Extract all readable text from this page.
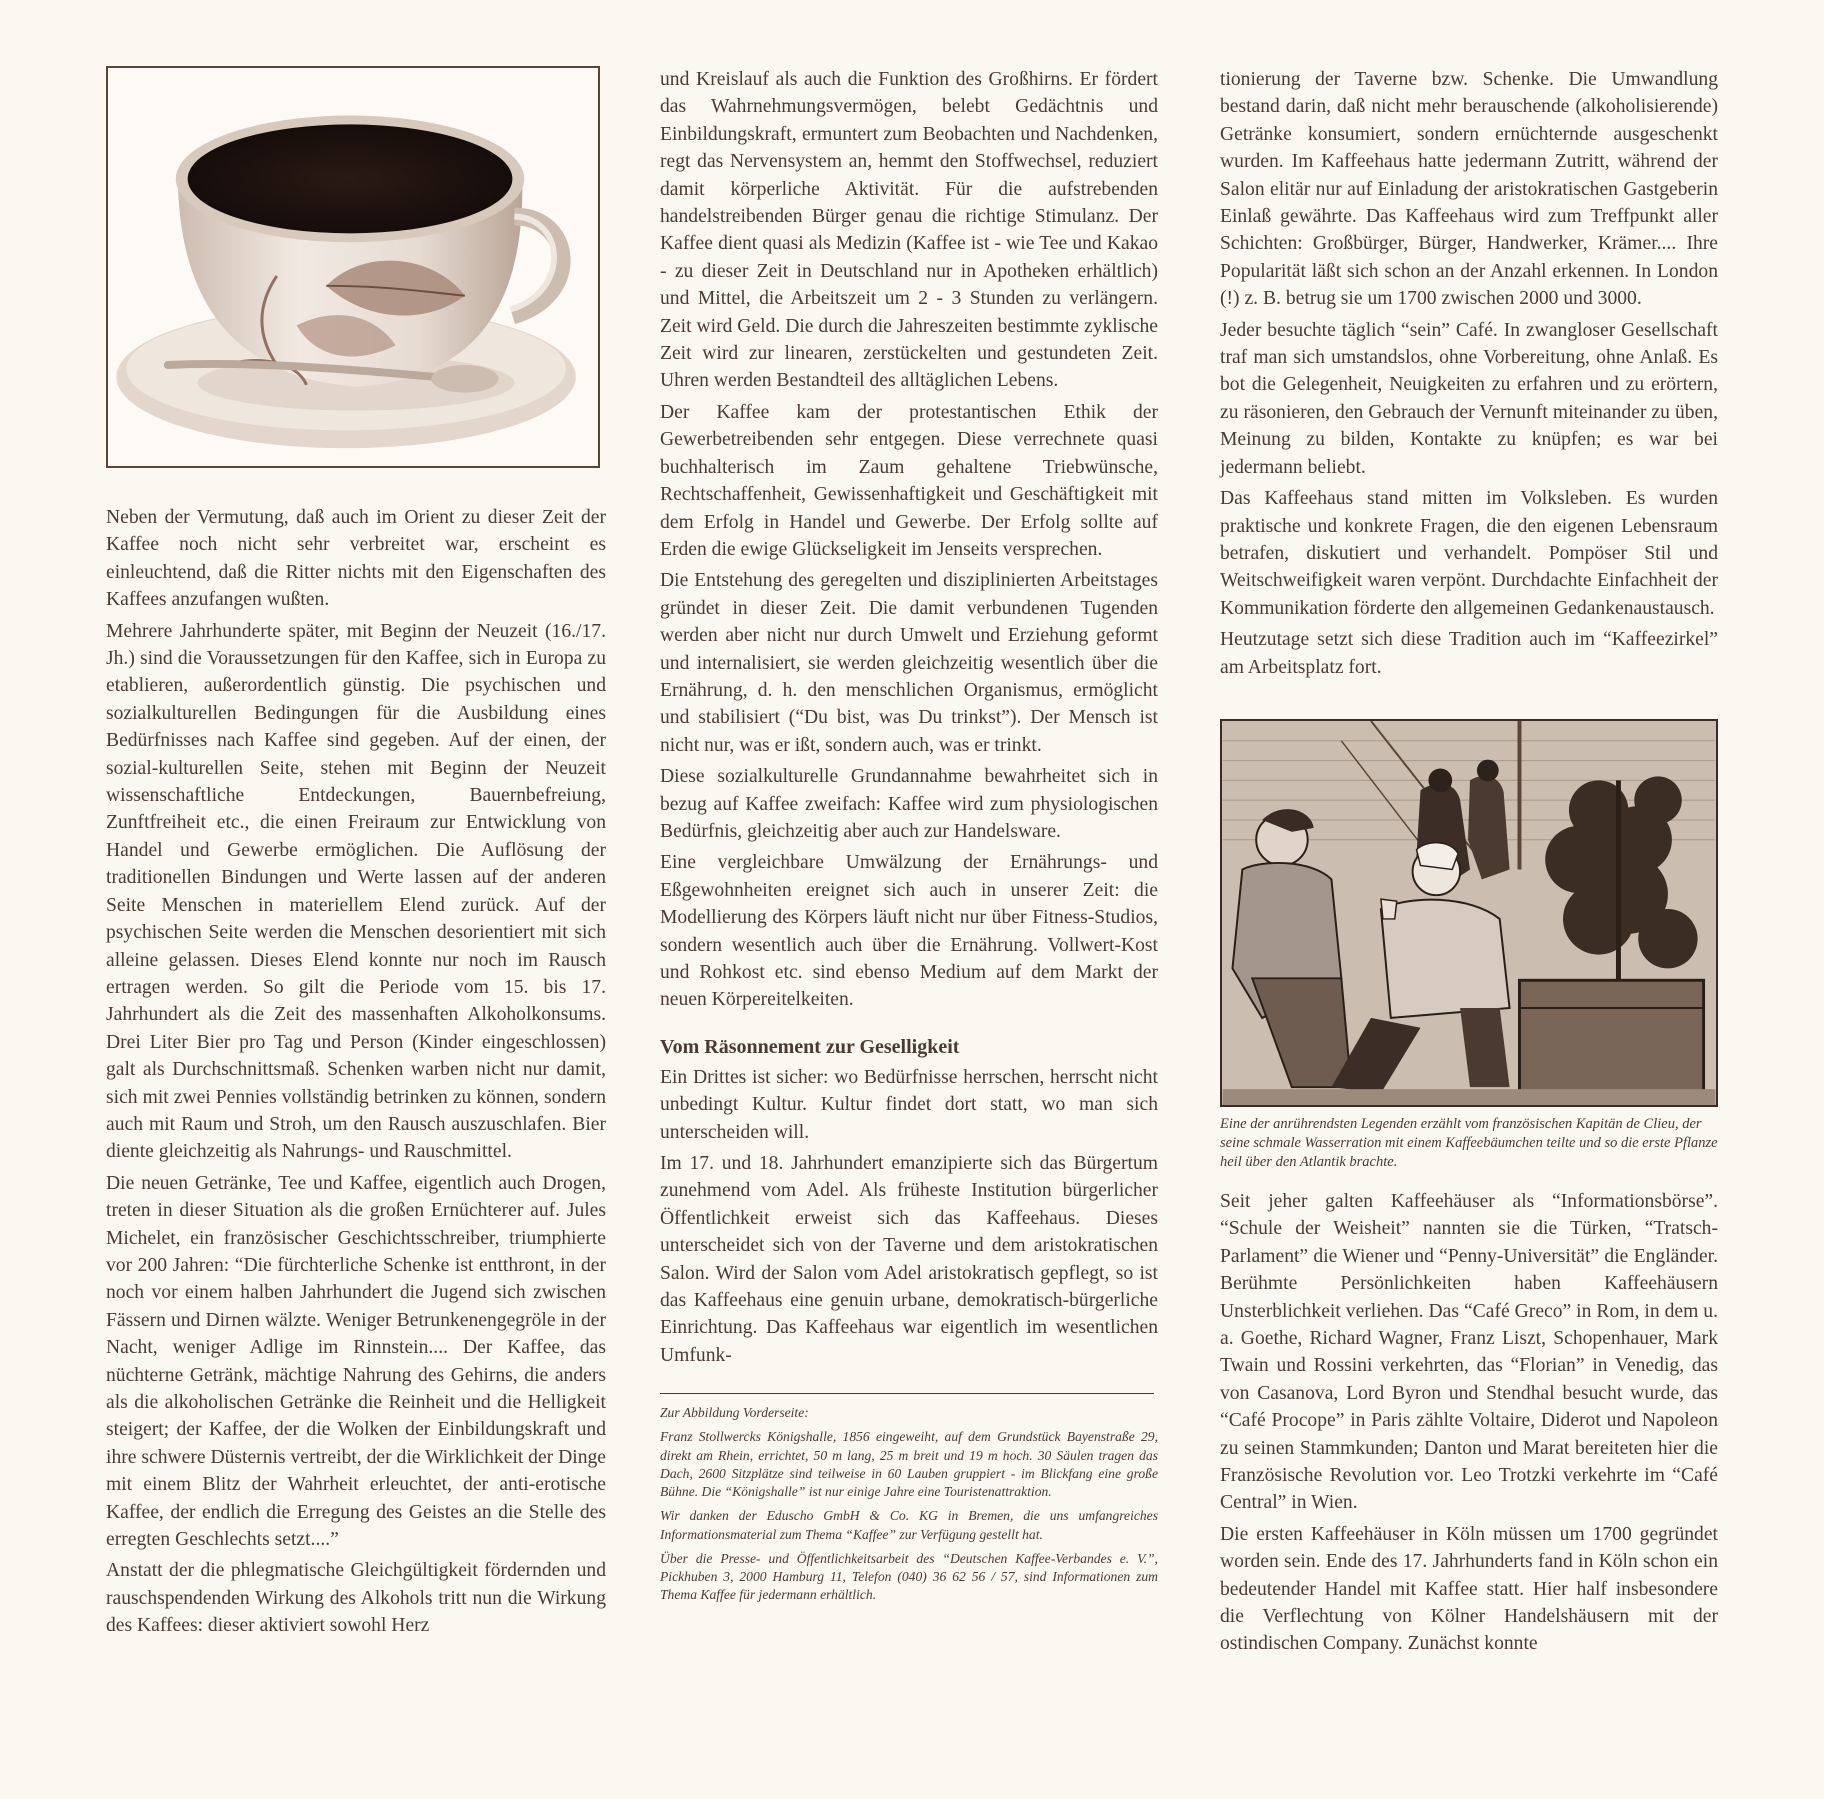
Neben der Vermutung, daß auch im Orient zu dieser Zeit der Kaffee noch nicht sehr verbreitet war, erscheint es einleuchtend, daß die Ritter nichts mit den Eigenschaften des Kaffees anzufangen wußten.

Mehrere Jahrhunderte später, mit Beginn der Neuzeit (16./17. Jh.) sind die Voraussetzungen für den Kaffee, sich in Europa zu etablieren, außerordentlich günstig. Die psychischen und sozialkulturellen Bedingungen für die Ausbildung eines Bedürfnisses nach Kaffee sind gegeben. Auf der einen, der sozial-kulturellen Seite, stehen mit Beginn der Neuzeit wissenschaftliche Entdeckungen, Bauernbefreiung, Zunftfreiheit etc., die einen Freiraum zur Entwicklung von Handel und Gewerbe ermöglichen. Die Auflösung der traditionellen Bindungen und Werte lassen auf der anderen Seite Menschen in materiellem Elend zurück. Auf der psychischen Seite werden die Menschen desorientiert mit sich alleine gelassen. Dieses Elend konnte nur noch im Rausch ertragen werden. So gilt die Periode vom 15. bis 17. Jahrhundert als die Zeit des massenhaften Alkoholkonsums. Drei Liter Bier pro Tag und Person (Kinder eingeschlossen) galt als Durchschnittsmaß. Schenken warben nicht nur damit, sich mit zwei Pennies vollständig betrinken zu können, sondern auch mit Raum und Stroh, um den Rausch auszuschlafen. Bier diente gleichzeitig als Nahrungs- und Rauschmittel.

Die neuen Getränke, Tee und Kaffee, eigentlich auch Drogen, treten in dieser Situation als die großen Ernüchterer auf. Jules Michelet, ein französischer Geschichtsschreiber, triumphierte vor 200 Jahren: “Die fürchterliche Schenke ist entthront, in der noch vor einem halben Jahrhundert die Jugend sich zwischen Fässern und Dirnen wälzte. Weniger Betrunkenengegröle in der Nacht, weniger Adlige im Rinnstein.... Der Kaffee, das nüchterne Getränk, mächtige Nahrung des Gehirns, die anders als die alkoholischen Getränke die Reinheit und die Helligkeit steigert; der Kaffee, der die Wolken der Einbildungskraft und ihre schwere Düsternis vertreibt, der die Wirklichkeit der Dinge mit einem Blitz der Wahrheit erleuchtet, der anti-erotische Kaffee, der endlich die Erregung des Geistes an die Stelle des erregten Geschlechts setzt....”

Anstatt der die phlegmatische Gleichgültigkeit fördernden und rauschspendenden Wirkung des Alkohols tritt nun die Wirkung des Kaffees: dieser aktiviert sowohl Herz

und Kreislauf als auch die Funktion des Großhirns. Er fördert das Wahrnehmungsvermögen, belebt Gedächtnis und Einbildungskraft, ermuntert zum Beobachten und Nachdenken, regt das Nervensystem an, hemmt den Stoffwechsel, reduziert damit körperliche Aktivität. Für die aufstrebenden handelstreibenden Bürger genau die richtige Stimulanz. Der Kaffee dient quasi als Medizin (Kaffee ist - wie Tee und Kakao - zu dieser Zeit in Deutschland nur in Apotheken erhältlich) und Mittel, die Arbeitszeit um 2 - 3 Stunden zu verlängern. Zeit wird Geld. Die durch die Jahreszeiten bestimmte zyklische Zeit wird zur linearen, zerstückelten und gestundeten Zeit. Uhren werden Bestandteil des alltäglichen Lebens.

Der Kaffee kam der protestantischen Ethik der Gewerbetreibenden sehr entgegen. Diese verrechnete quasi buchhalterisch im Zaum gehaltene Triebwünsche, Rechtschaffenheit, Gewissenhaftigkeit und Geschäftigkeit mit dem Erfolg in Handel und Gewerbe. Der Erfolg sollte auf Erden die ewige Glückseligkeit im Jenseits versprechen.

Die Entstehung des geregelten und disziplinierten Arbeitstages gründet in dieser Zeit. Die damit verbundenen Tugenden werden aber nicht nur durch Umwelt und Erziehung geformt und internalisiert, sie werden gleichzeitig wesentlich über die Ernährung, d. h. den menschlichen Organismus, ermöglicht und stabilisiert (“Du bist, was Du trinkst”). Der Mensch ist nicht nur, was er ißt, sondern auch, was er trinkt.

Diese sozialkulturelle Grundannahme bewahrheitet sich in bezug auf Kaffee zweifach: Kaffee wird zum physiologischen Bedürfnis, gleichzeitig aber auch zur Handelsware.

Eine vergleichbare Umwälzung der Ernährungs- und Eßgewohnheiten ereignet sich auch in unserer Zeit: die Modellierung des Körpers läuft nicht nur über Fitness-Studios, sondern wesentlich auch über die Ernährung. Vollwert-Kost und Rohkost etc. sind ebenso Medium auf dem Markt der neuen Körpereitelkeiten.

Vom Räsonnement zur Geselligkeit

Ein Drittes ist sicher: wo Bedürfnisse herrschen, herrscht nicht unbedingt Kultur. Kultur findet dort statt, wo man sich unterscheiden will.

Im 17. und 18. Jahrhundert emanzipierte sich das Bürgertum zunehmend vom Adel. Als früheste Institution bürgerlicher Öffentlichkeit erweist sich das Kaffeehaus. Dieses unterscheidet sich von der Taverne und dem aristokratischen Salon. Wird der Salon vom Adel aristokratisch gepflegt, so ist das Kaffeehaus eine genuin urbane, demokratisch-bürgerliche Einrichtung. Das Kaffeehaus war eigentlich im wesentlichen Umfunk-

Zur Abbildung Vorderseite:

Franz Stollwercks Königshalle, 1856 eingeweiht, auf dem Grundstück Bayenstraße 29, direkt am Rhein, errichtet, 50 m lang, 25 m breit und 19 m hoch. 30 Säulen tragen das Dach, 2600 Sitzplätze sind teilweise in 60 Lauben gruppiert - im Blickfang eine große Bühne. Die “Königshalle” ist nur einige Jahre eine Touristenattraktion.

Wir danken der Eduscho GmbH & Co. KG in Bremen, die uns umfangreiches Informationsmaterial zum Thema “Kaffee” zur Verfügung gestellt hat.

Über die Presse- und Öffentlichkeitsarbeit des “Deutschen Kaffee-Verbandes e. V.”, Pickhuben 3, 2000 Hamburg 11, Telefon (040) 36 62 56 / 57, sind Informationen zum Thema Kaffee für jedermann erhältlich.

tionierung der Taverne bzw. Schenke. Die Umwandlung bestand darin, daß nicht mehr berauschende (alkoholisierende) Getränke konsumiert, sondern ernüchternde ausgeschenkt wurden. Im Kaffeehaus hatte jedermann Zutritt, während der Salon elitär nur auf Einladung der aristokratischen Gastgeberin Einlaß gewährte. Das Kaffeehaus wird zum Treffpunkt aller Schichten: Großbürger, Bürger, Handwerker, Krämer.... Ihre Popularität läßt sich schon an der Anzahl erkennen. In London (!) z. B. betrug sie um 1700 zwischen 2000 und 3000.

Jeder besuchte täglich “sein” Café. In zwangloser Gesellschaft traf man sich umstandslos, ohne Vorbereitung, ohne Anlaß. Es bot die Gelegenheit, Neuigkeiten zu erfahren und zu erörtern, zu räsonieren, den Gebrauch der Vernunft miteinander zu üben, Meinung zu bilden, Kontakte zu knüpfen; es war bei jedermann beliebt.

Das Kaffeehaus stand mitten im Volksleben. Es wurden praktische und konkrete Fragen, die den eigenen Lebensraum betrafen, diskutiert und verhandelt. Pompöser Stil und Weitschweifigkeit waren verpönt. Durchdachte Einfachheit der Kommunikation förderte den allgemeinen Gedankenaustausch.

Heutzutage setzt sich diese Tradition auch im “Kaffeezirkel” am Arbeitsplatz fort.

Eine der anrührendsten Legenden erzählt vom französischen Kapitän de Clieu, der seine schmale Wasserration mit einem Kaffeebäumchen teilte und so die erste Pflanze heil über den Atlantik brachte.

Seit jeher galten Kaffeehäuser als “Informationsbörse”. “Schule der Weisheit” nannten sie die Türken, “Tratsch-Parlament” die Wiener und “Penny-Universität” die Engländer. Berühmte Persönlichkeiten haben Kaffeehäusern Unsterblichkeit verliehen. Das “Café Greco” in Rom, in dem u. a. Goethe, Richard Wagner, Franz Liszt, Schopenhauer, Mark Twain und Rossini verkehrten, das “Florian” in Venedig, das von Casanova, Lord Byron und Stendhal besucht wurde, das “Café Procope” in Paris zählte Voltaire, Diderot und Napoleon zu seinen Stammkunden; Danton und Marat bereiteten hier die Französische Revolution vor. Leo Trotzki verkehrte im “Café Central” in Wien.

Die ersten Kaffeehäuser in Köln müssen um 1700 gegründet worden sein. Ende des 17. Jahrhunderts fand in Köln schon ein bedeutender Handel mit Kaffee statt. Hier half insbesondere die Verflechtung von Kölner Handelshäusern mit der ostindischen Company. Zunächst konnte
